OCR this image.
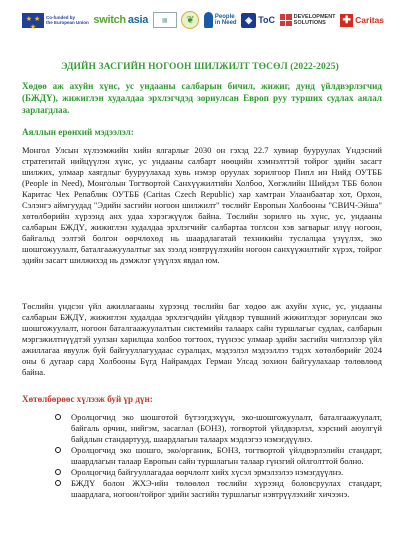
★ ★ ★
Co-funded by
the European Union switch asia ▦	❦	People
in Need ◈ ToC	DEVELOPMENT
SOLUTIONS	✚ Caritas
ЭДИЙН ЗАСГИЙН НОГООН ШИЛЖИЛТ ТӨСӨЛ (2022-2025)
Хөдөө аж ахуйн хүнс, ус ундааны салбарын бичил, жижиг, дунд үйлдвэрлэгчид (БЖДҮ), жижиглэн худалдаа эрхлэгчдэд зориулсан Европ руу турших судлах аялал зарлагдлаа.
Аяллын ерөнхий мэдээлэл:
Монгол Улсын хүлээмжийн хийн ялгарлыг 2030 он гэхэд 22.7 хувиар бууруулах Үндэсний стратегитай нийцүүлэн хүнс, ус ундааны салбарт нөөцийн хэмнэлттэй тойрог эдийн засагт шилжих, улмаар хаягдлыг бууруулахад хувь нэмэр оруулах зорилгоор Пипл ин Нийд ОУТББ (People in Need), Монголын Тогтвортой Санхүүжилтийн Холбоо, Хөгжлийн Шийдэл ТББ болон Каритас Чех Репаблик ОУТББ (Caritas Czech Republic) хар хамтран Улаанбаатар хот, Орхон, Сэлэнгэ аймгуудад "Эдийн засгийн ногоон шилжилт" төслийг Европын Холбооны "СВИЧ-Эйша" хөтөлбөрийн хүрээнд анх удаа хэрэгжүүлж байна. Төслийн зорилго нь хүнс, ус, ундааны салбарын БЖДҮ, жижиглэн худалдаа эрхлэгчийг салбартаа тоглсон хэв загварыг илүү ногоон, байгальд ээлтэй болгон өөрчлөхөд нь шаардлагатай техникийн туслалцаа үзүүлэх, эко шошгожуулалт, баталгаажуулалтыг зах зээлд нэвтрүүлэхийн ногоон санхүүжилтийг хүрэх, тойрог эдийн засагт шилжихэд нь дэмжлэг үзүүлэх явдал юм.
Төслийн үндсэн үйл ажиллагааны хүрээнд төслийн баг хөдөө аж ахуйн хүнс, ус, ундааны салбарын БЖДҮ, жижиглэн худалдаа эрхлэгчдийн үйлдвэр түвшний жижиглэдэг зориулсан эко шошгожуулалт, ногоон баталгаажуулалтын системийн талаарх сайн туршлагыг судлах, салбарын мэргэжилтнүүдтэй уулзан харилцаа холбоо тогтоох, түүнээс улмаар эдийн засгийн чиглэлээр үйл ажиллагаа явуулж буй байгууллагуудаас суралцах, мэдээлэл мэдээллээ тэдэх хөтөлбөрийг 2024 оны 6 дугаар сард Холбооны Бүгд Найрамдах Герман Улсад зохион байгуулахаар төлөвлөөд байна.
Хөтөлбөрөөс хүлээж буй үр дүн:
Оролцогчид эко шошготой бүтээгдэхүүн, эко-шошгожуулалт, баталгаажуулалт, байгаль орчин, нийгэм, засаглал (БОНЗ), тогвортой үйлдвэрлэл, хэрсний аюулгүй байдлын стандартууд, шаардлагын талаарх мэдлэгээ нэмэгдүүлнэ.
Оролцогчид эко шошго, эко/органик, БОНЗ, тогтвортой үйлдвэрлэлийн стандарт, шаардлагын талаар Европын сайн туршлагын талаар гүнзгий ойлголттой болно.
Оролцогчид байгууллагадаа өөрчлөлт хийх хүсэл эрмэлзэлээ нэмэгдүүлнэ.
БЖДҮ болон ЖХЭ-ийн төлөөлөл төслийн хүрээнд боловсруулах стандарт, шаардлага, ногоон/тойрог эдийн засгийн туршлагыг нэвтрүүлэхийг хичээнэ.
